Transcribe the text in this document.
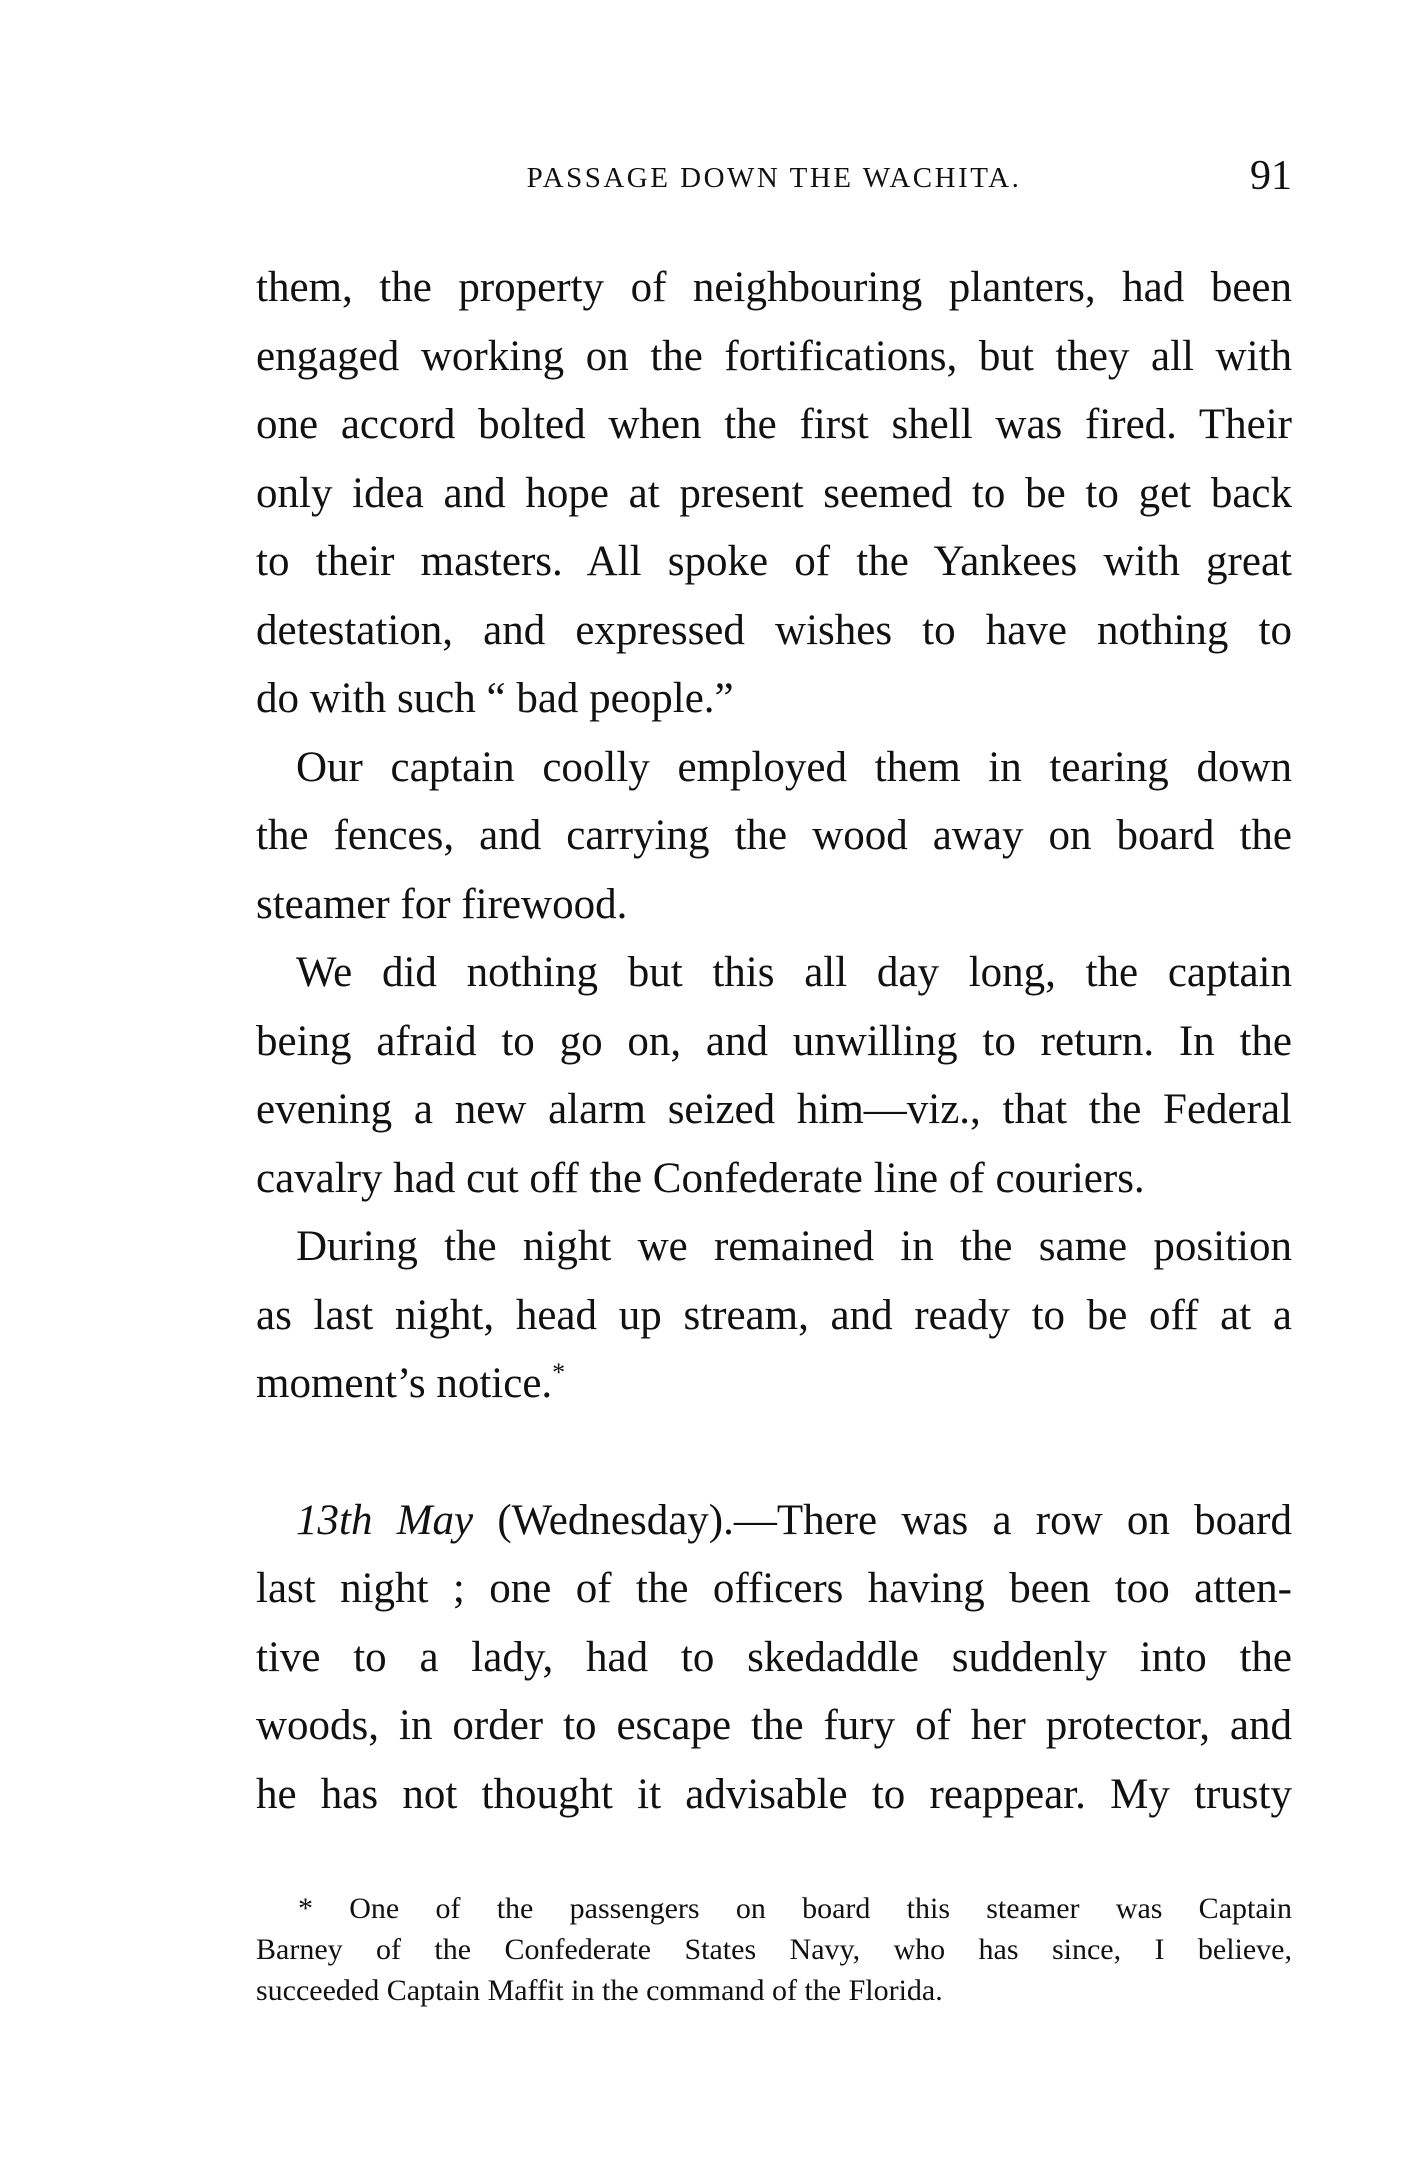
PASSAGE DOWN THE WACHITA.	91
them, the property of neighbouring planters, had been
engaged working on the fortifications, but they all with
one accord bolted when the first shell was fired. Their
only idea and hope at present seemed to be to get back
to their masters. All spoke of the Yankees with great
detestation, and expressed wishes to have nothing to
do with such “ bad people.”
Our captain coolly employed them in tearing down
the fences, and carrying the wood away on board the
steamer for firewood.
We did nothing but this all day long, the captain
being afraid to go on, and unwilling to return. In the
evening a new alarm seized him—viz., that the Federal
cavalry had cut off the Confederate line of couriers.
During the night we remained in the same position
as last night, head up stream, and ready to be off at a
moment’s notice.*
13th May (Wednesday).—There was a row on board
last night ; one of the officers having been too atten-
tive to a lady, had to skedaddle suddenly into the
woods, in order to escape the fury of her protector, and
he has not thought it advisable to reappear. My trusty
* One of the passengers on board this steamer was Captain
Barney of the Confederate States Navy, who has since, I believe,
succeeded Captain Maffit in the command of the Florida.
